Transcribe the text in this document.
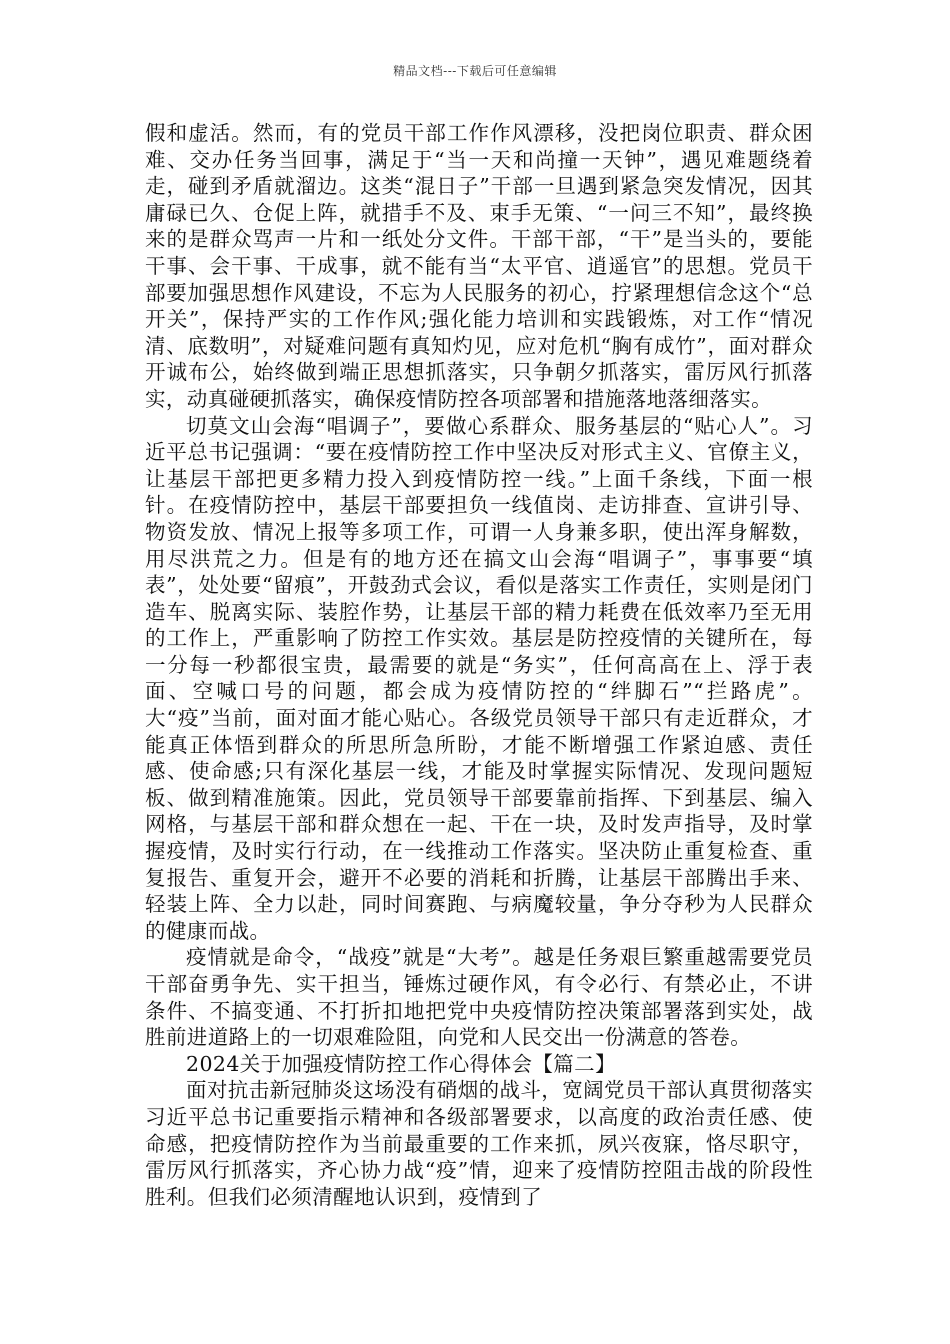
精品文档---下载后可任意编辑

假和虚活。然而，有的党员干部工作作风漂移，没把岗位职责、群众困难、交办任务当回事，满足于“当一天和尚撞一天钟”，遇见难题绕着走，碰到矛盾就溜边。这类“混日子”干部一旦遇到紧急突发情况，因其庸碌已久、仓促上阵，就措手不及、束手无策、“一问三不知”，最终换来的是群众骂声一片和一纸处分文件。干部干部，“干”是当头的，要能干事、会干事、干成事，就不能有当“太平官、逍遥官”的思想。党员干部要加强思想作风建设，不忘为人民服务的初心，拧紧理想信念这个“总开关”，保持严实的工作作风;强化能力培训和实践锻炼，对工作“情况清、底数明”，对疑难问题有真知灼见，应对危机“胸有成竹”，面对群众开诚布公，始终做到端正思想抓落实，只争朝夕抓落实，雷厉风行抓落实，动真碰硬抓落实，确保疫情防控各项部署和措施落地落细落实。

切莫文山会海“唱调子”，要做心系群众、服务基层的“贴心人”。习近平总书记强调：“要在疫情防控工作中坚决反对形式主义、官僚主义，让基层干部把更多精力投入到疫情防控一线。”上面千条线，下面一根针。在疫情防控中，基层干部要担负一线值岗、走访排查、宣讲引导、物资发放、情况上报等多项工作，可谓一人身兼多职，使出浑身解数，用尽洪荒之力。但是有的地方还在搞文山会海“唱调子”，事事要“填表”，处处要“留痕”，开鼓劲式会议，看似是落实工作责任，实则是闭门造车、脱离实际、装腔作势，让基层干部的精力耗费在低效率乃至无用的工作上，严重影响了防控工作实效。基层是防控疫情的关键所在，每一分每一秒都很宝贵，最需要的就是“务实”，任何高高在上、浮于表面、空喊口号的问题，都会成为疫情防控的“绊脚石”“拦路虎”。大“疫”当前，面对面才能心贴心。各级党员领导干部只有走近群众，才能真正体悟到群众的所思所急所盼，才能不断增强工作紧迫感、责任感、使命感;只有深化基层一线，才能及时掌握实际情况、发现问题短板、做到精准施策。因此，党员领导干部要靠前指挥、下到基层、编入网格，与基层干部和群众想在一起、干在一块，及时发声指导，及时掌握疫情，及时实行行动，在一线推动工作落实。坚决防止重复检查、重复报告、重复开会，避开不必要的消耗和折腾，让基层干部腾出手来、轻装上阵、全力以赴，同时间赛跑、与病魔较量，争分夺秒为人民群众的健康而战。

疫情就是命令，“战疫”就是“大考”。越是任务艰巨繁重越需要党员干部奋勇争先、实干担当，锤炼过硬作风，有令必行、有禁必止，不讲条件、不搞变通、不打折扣地把党中央疫情防控决策部署落到实处，战胜前进道路上的一切艰难险阻，向党和人民交出一份满意的答卷。

2024关于加强疫情防控工作心得体会【篇二】

面对抗击新冠肺炎这场没有硝烟的战斗，宽阔党员干部认真贯彻落实习近平总书记重要指示精神和各级部署要求，以高度的政治责任感、使命感，把疫情防控作为当前最重要的工作来抓，夙兴夜寐，恪尽职守，雷厉风行抓落实，齐心协力战“疫”情，迎来了疫情防控阻击战的阶段性胜利。但我们必须清醒地认识到，疫情到了
